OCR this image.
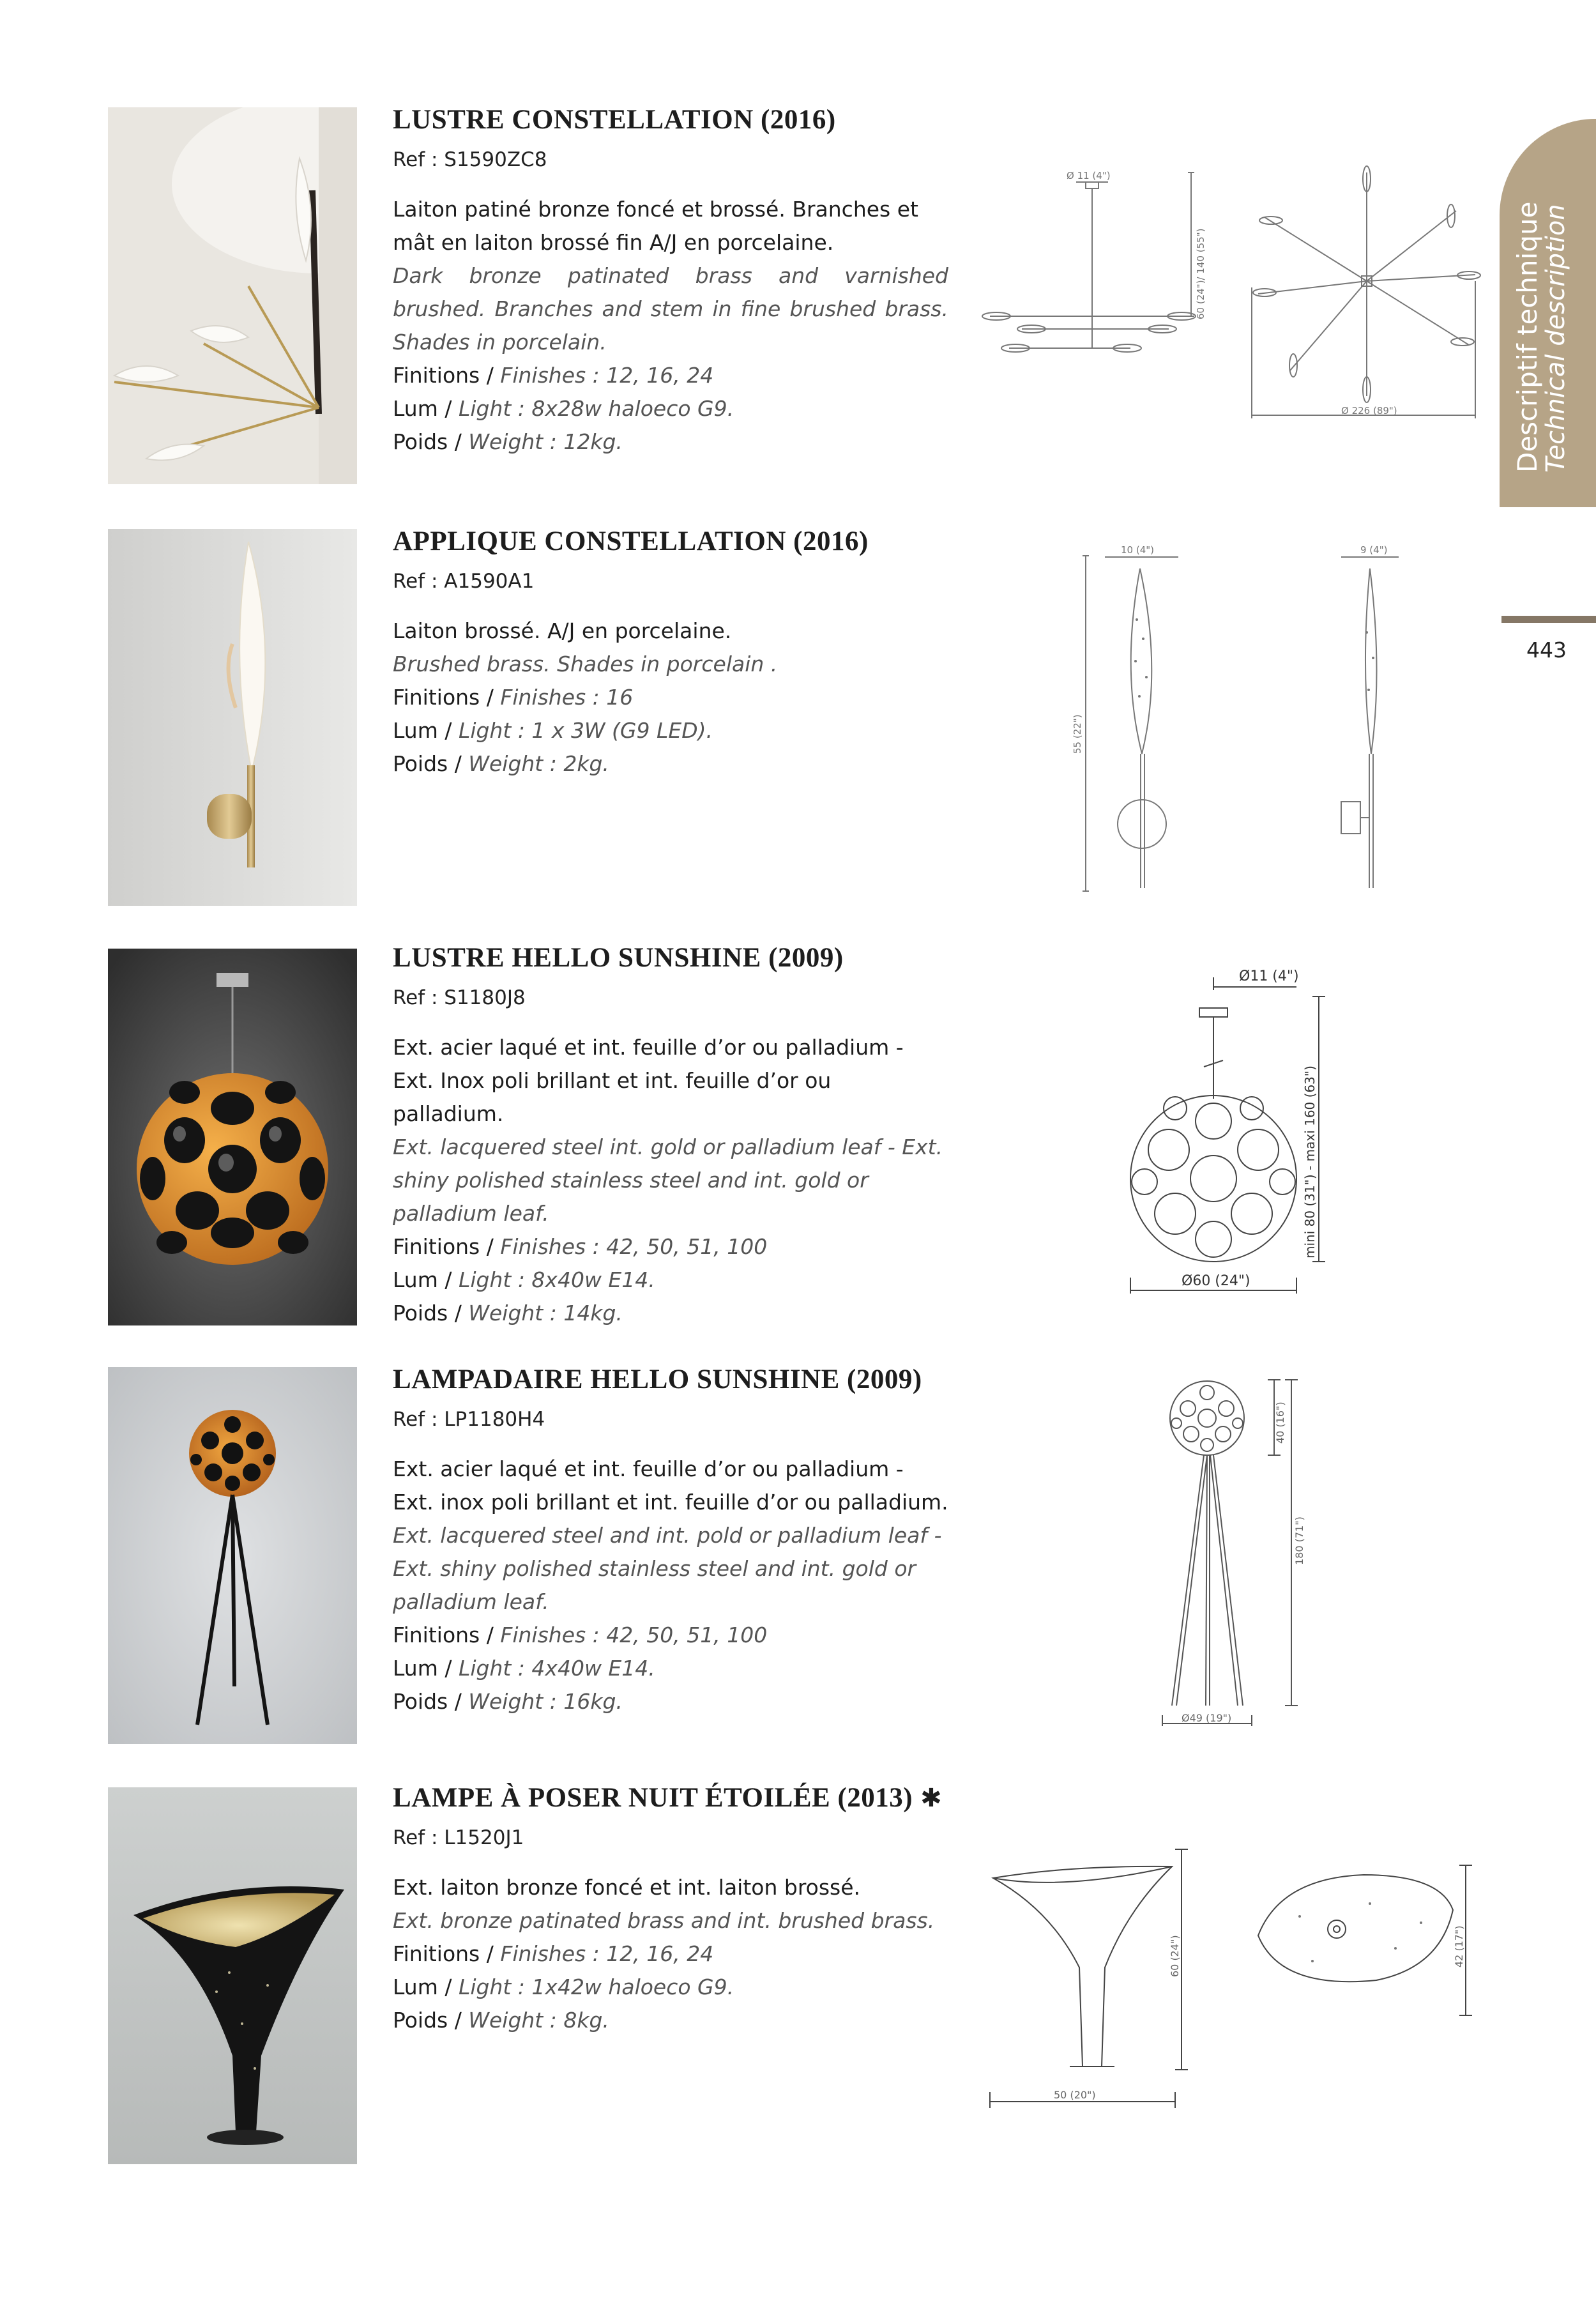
Descriptif technique
Technical description
443
LUSTRE CONSTELLATION (2016)
Ref : S1590ZC8

Laiton patiné bronze foncé et brossé. Branches et mât en laiton brossé fin A/J en porcelaine.

Dark bronze patinated brass and varnished brushed. Branches and stem in fine brushed brass. Shades in porcelain.

Finitions / Finishes : 12, 16, 24

Lum / Light : 8x28w haloeco G9.

Poids / Weight : 12kg.

Ø 11 (4")
60 (24")/ 140 (55")
Ø 226 (89")
APPLIQUE CONSTELLATION (2016)
Ref : A1590A1

Laiton brossé. A/J en porcelaine.

Brushed brass. Shades in porcelain .

Finitions / Finishes : 16

Lum / Light : 1 x 3W (G9 LED).

Poids / Weight : 2kg.

10 (4")
55 (22")
9 (4")
LUSTRE HELLO SUNSHINE (2009)
Ref : S1180J8

Ext. acier laqué et int. feuille d’or ou palladium - Ext. Inox poli brillant et int. feuille d’or ou palladium.

Ext. lacquered steel int. gold or palladium leaf - Ext. shiny polished stainless steel and int. gold or palladium leaf.

Finitions / Finishes : 42, 50, 51, 100

Lum / Light : 8x40w E14.

Poids / Weight : 14kg.

Ø11 (4")
mini 80 (31") - maxi 160 (63")
Ø60 (24")
LAMPADAIRE HELLO SUNSHINE (2009)
Ref : LP1180H4

Ext. acier laqué et int. feuille d’or ou palladium - Ext. inox poli brillant et int. feuille d’or ou palladium.

Ext. lacquered steel and int. pold or palladium leaf - Ext. shiny polished stainless steel and int. gold or palladium leaf.

Finitions / Finishes : 42, 50, 51, 100

Lum / Light : 4x40w E14.

Poids / Weight : 16kg.

40 (16")
180 (71")
Ø49 (19")
LAMPE À POSER NUIT ÉTOILÉE (2013) ✱
Ref : L1520J1

Ext. laiton bronze foncé et int. laiton brossé.

Ext. bronze patinated brass and int. brushed brass.

Finitions / Finishes : 12, 16, 24

Lum / Light : 1x42w haloeco G9.

Poids / Weight : 8kg.

60 (24")
50 (20")
42 (17")
